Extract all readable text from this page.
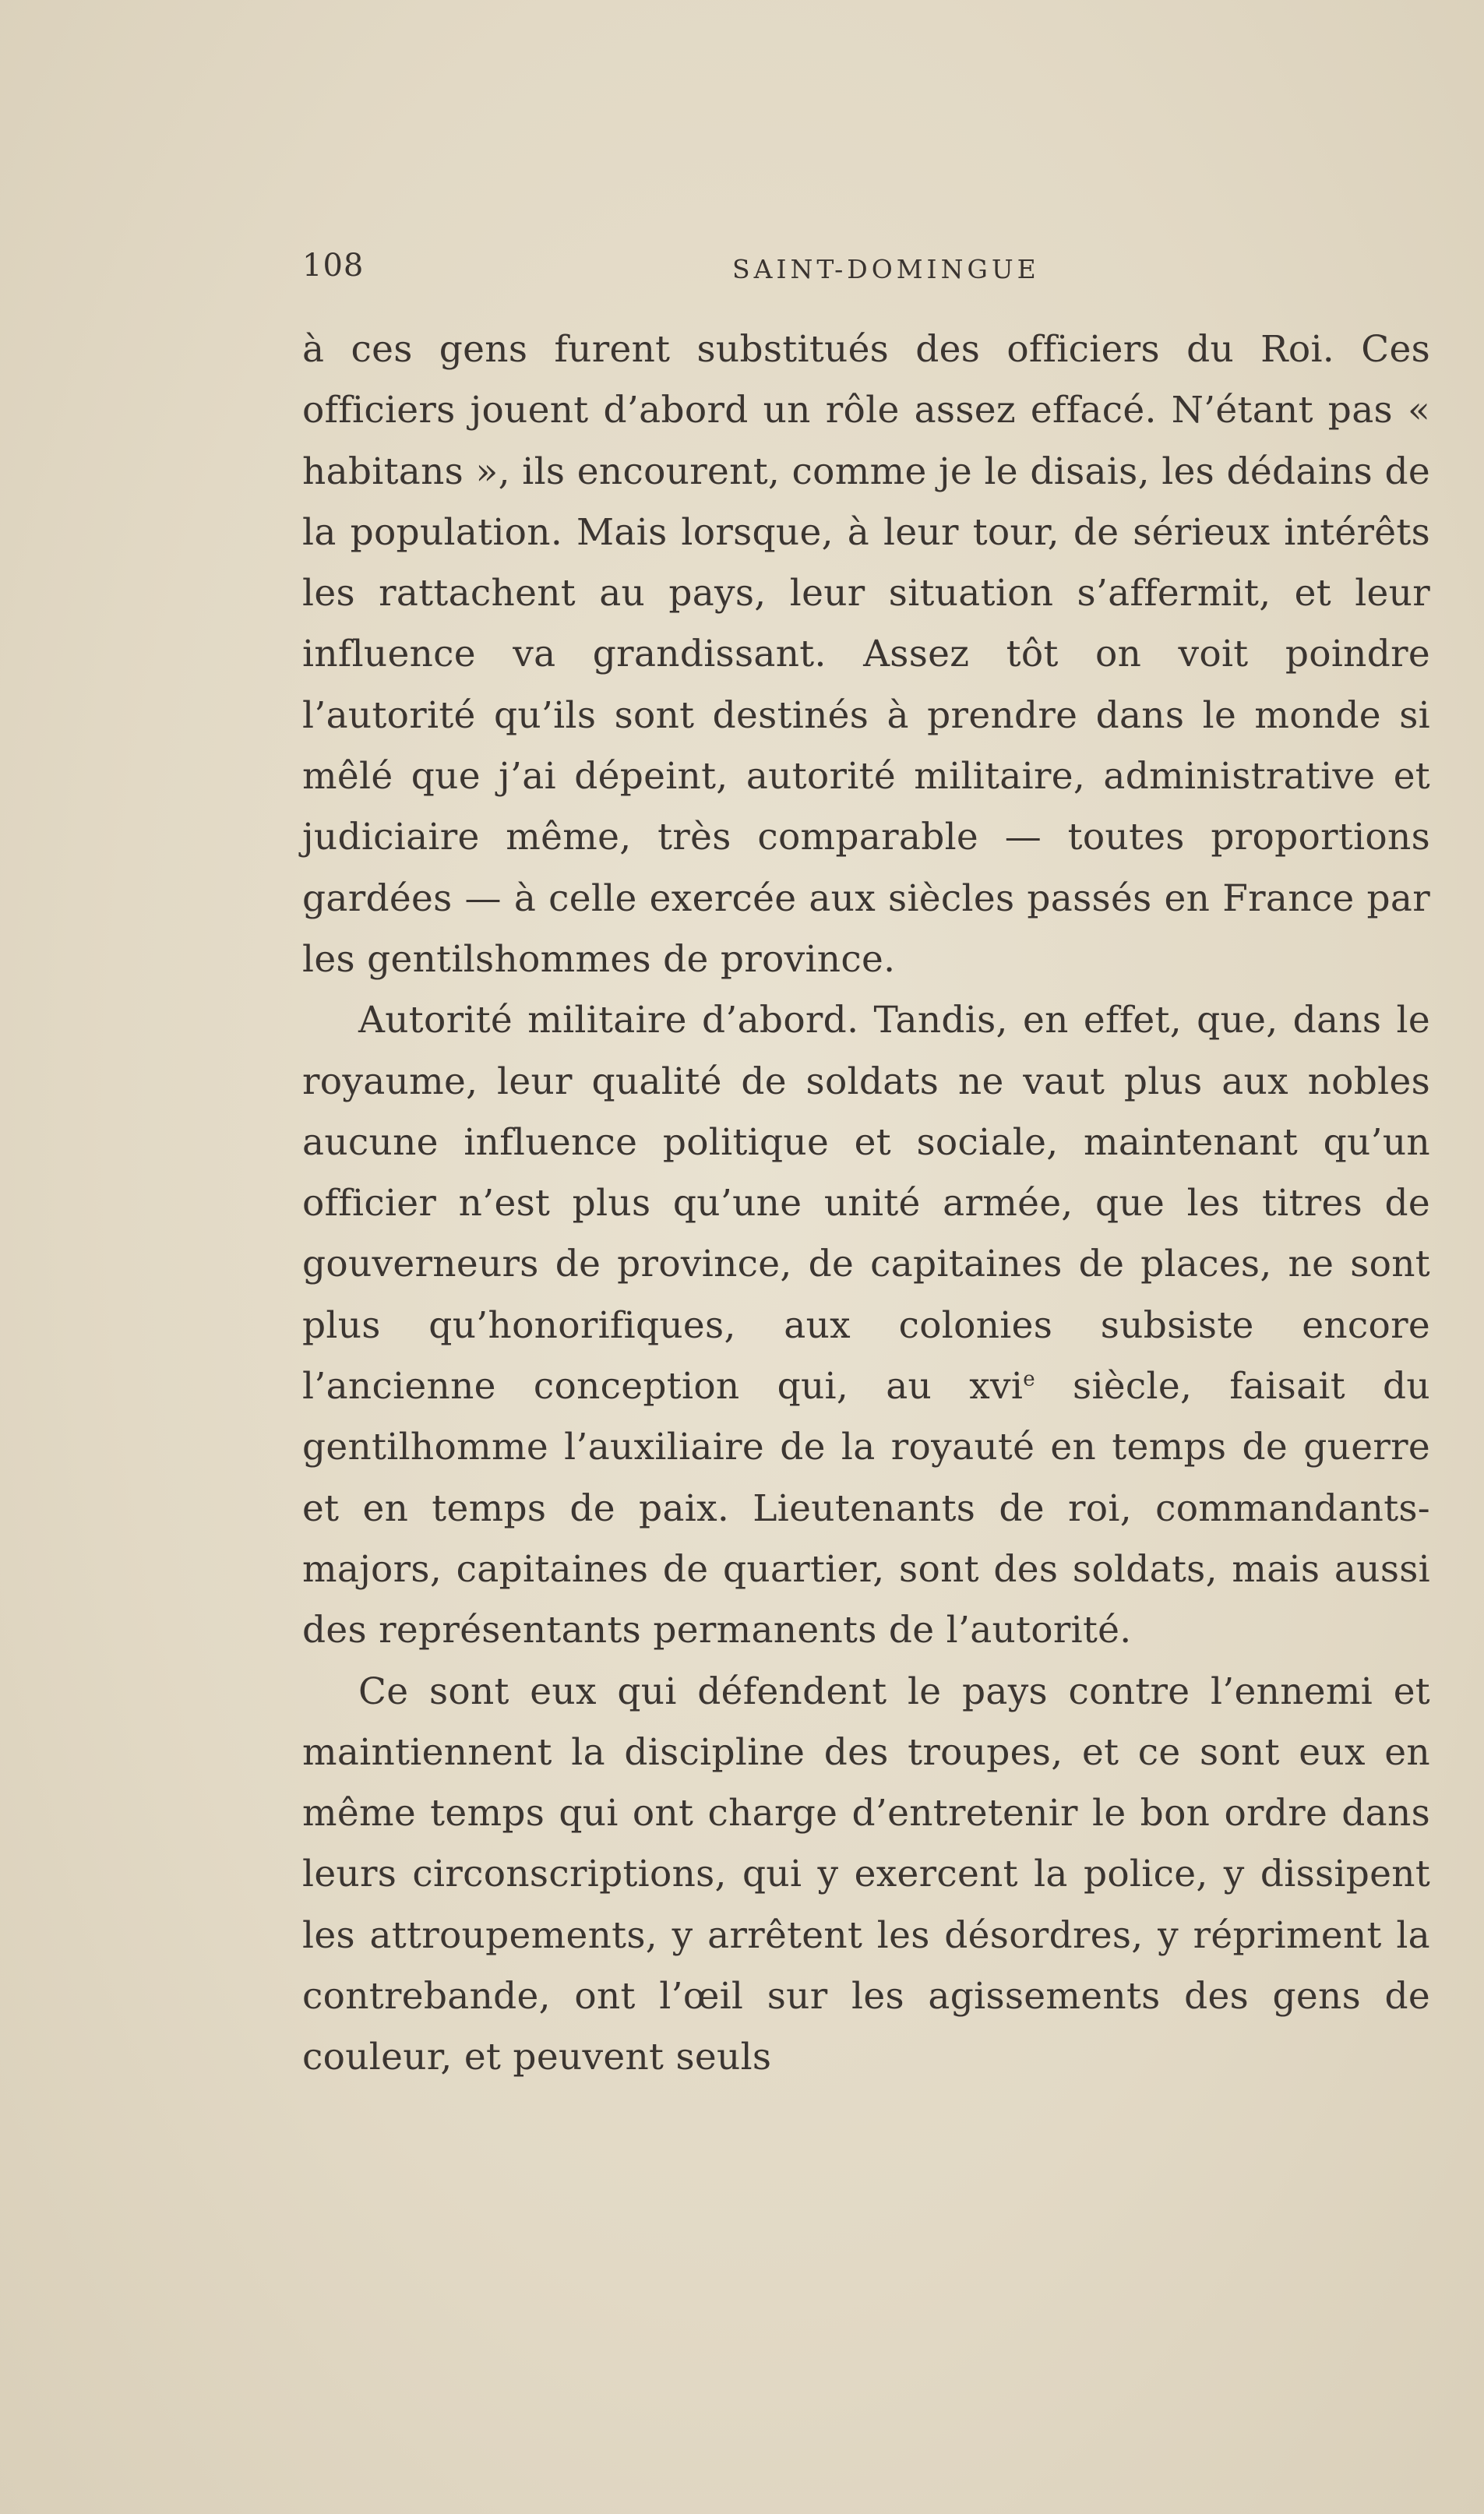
108	SAINT-DOMINGUE

à ces gens furent substitués des officiers du Roi. Ces officiers jouent d’abord un rôle assez effacé. N’étant pas « habitans », ils encourent, comme je le disais, les dédains de la population. Mais lorsque, à leur tour, de sérieux intérêts les rattachent au pays, leur situation s’affermit, et leur influence va grandissant. Assez tôt on voit poindre l’autorité qu’ils sont destinés à prendre dans le monde si mêlé que j’ai dépeint, autorité militaire, administrative et judiciaire même, très comparable — toutes proportions gardées — à celle exercée aux siècles passés en France par les gentilshommes de province.

Autorité militaire d’abord. Tandis, en effet, que, dans le royaume, leur qualité de soldats ne vaut plus aux nobles aucune influence politique et sociale, maintenant qu’un officier n’est plus qu’une unité armée, que les titres de gouverneurs de province, de capitaines de places, ne sont plus qu’honorifiques, aux colonies subsiste encore l’ancienne conception qui, au xvi$^e$ siècle, faisait du gentilhomme l’auxiliaire de la royauté en temps de guerre et en temps de paix. Lieutenants de roi, commandants-majors, capitaines de quartier, sont des soldats, mais aussi des représentants permanents de l’autorité.

Ce sont eux qui défendent le pays contre l’ennemi et maintiennent la discipline des troupes, et ce sont eux en même temps qui ont charge d’entretenir le bon ordre dans leurs circonscriptions, qui y exercent la police, y dissipent les attroupements, y arrêtent les désordres, y répriment la contrebande, ont l’œil sur les agissements des gens de couleur, et peuvent seuls
